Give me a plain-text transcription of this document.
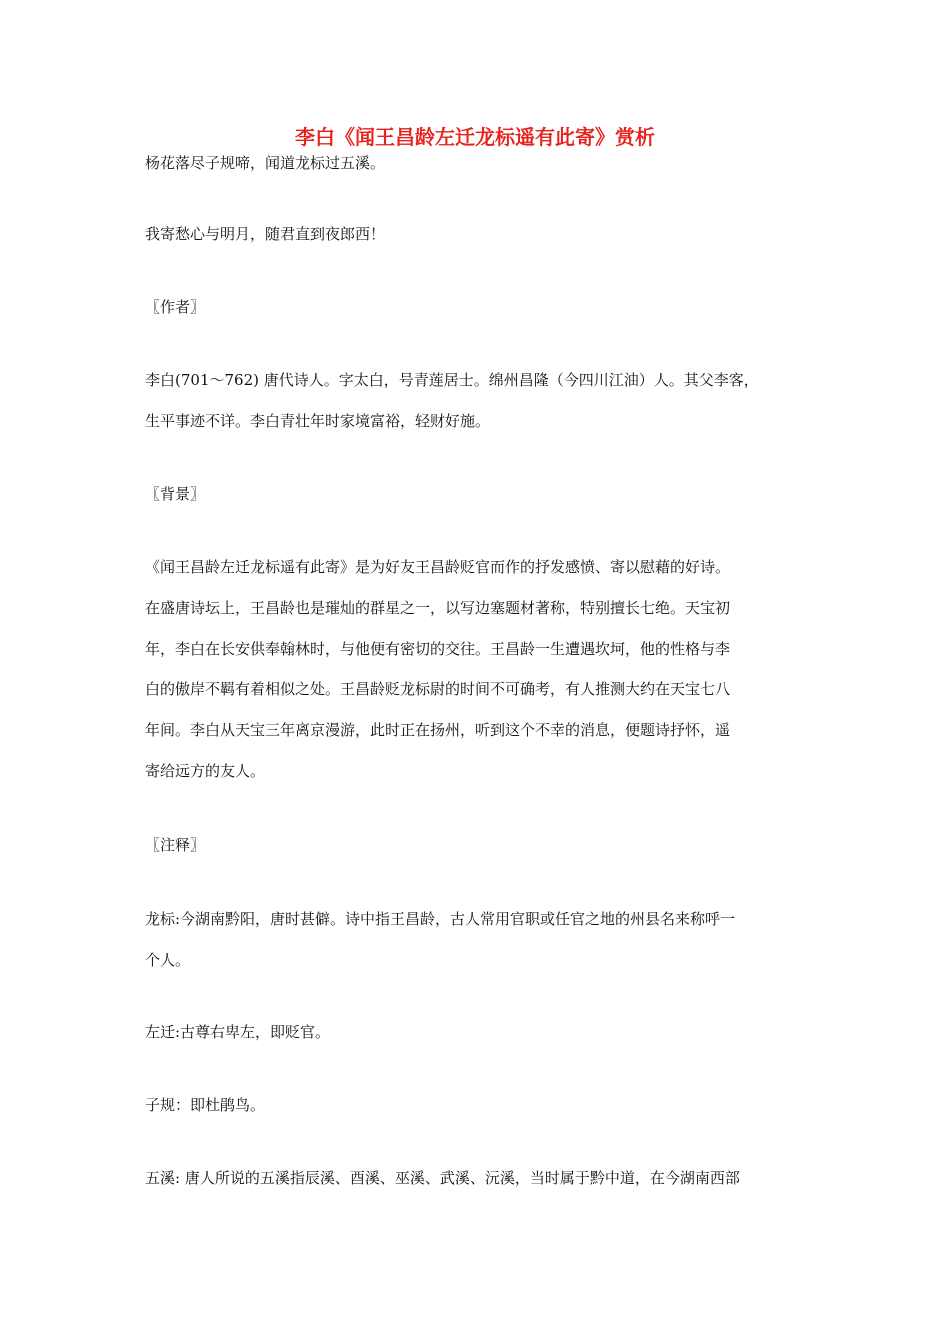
李白《闻王昌龄左迁龙标遥有此寄》赏析

杨花落尽子规啼，闻道龙标过五溪。

我寄愁心与明月，随君直到夜郎西！

〖作者〗

李白(701～762) 唐代诗人。字太白，号青莲居士。绵州昌隆（今四川江油）人。其父李客，
生平事迹不详。李白青壮年时家境富裕，轻财好施。

〖背景〗

《闻王昌龄左迁龙标遥有此寄》是为好友王昌龄贬官而作的抒发感愤、寄以慰藉的好诗。
在盛唐诗坛上，王昌龄也是璀灿的群星之一，以写边塞题材著称，特别擅长七绝。天宝初
年，李白在长安供奉翰林时，与他便有密切的交往。王昌龄一生遭遇坎坷，他的性格与李
白的傲岸不羁有着相似之处。王昌龄贬龙标尉的时间不可确考，有人推测大约在天宝七八
年间。李白从天宝三年离京漫游，此时正在扬州，听到这个不幸的消息，便题诗抒怀，遥
寄给远方的友人。

〖注释〗

龙标:今湖南黔阳，唐时甚僻。诗中指王昌龄，古人常用官职或任官之地的州县名来称呼一
个人。

左迁:古尊右卑左，即贬官。

子规：即杜鹃鸟。

五溪: 唐人所说的五溪指辰溪、酉溪、巫溪、武溪、沅溪，当时属于黔中道，在今湖南西部
